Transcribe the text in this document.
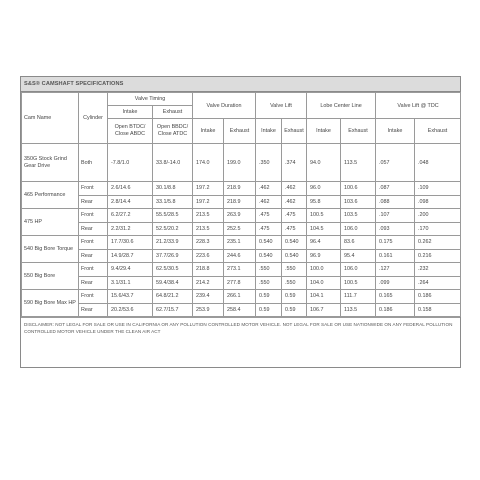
S&S® CAMSHAFT SPECIFICATIONS
Cam Name	Cylinder	Valve Timing		Valve Duration		Valve Lift		Lobe Center Line		Valve Lift @ TDC	
		Intake	Exhaust								
		Open BTDC/ Close ABDC	Open BBDC/ Close ATDC	Intake	Exhaust	Intake	Exhaust	Intake	Exhaust	Intake	Exhaust
350G Stock Grind Gear Drive	Both	-7.8/1.0	33.8/-14.0	174.0	199.0	.350	.374	94.0	113.5	.057	.048
465 Performance	Front	2.6/14.6	30.1/8.8	197.2	218.9	.462	.462	96.0	100.6	.087	.109
	Rear	2.8/14.4	33.1/5.8	197.2	218.9	.462	.462	95.8	103.6	.088	.098
475 HP	Front	6.2/27.2	55.5/28.5	213.5	263.9	.475	.475	100.5	103.5	.107	.200
	Rear	2.2/31.2	52.5/20.2	213.5	252.5	.475	.475	104.5	106.0	.093	.170
540 Big Bore Torque	Front	17.7/30.6	21.2/33.9	228.3	235.1	0.540	0.540	96.4	83.6	0.175	0.262
	Rear	14.9/28.7	37.7/26.9	223.6	244.6	0.540	0.540	96.9	95.4	0.161	0.216
550 Big Bore	Front	9.4/29.4	62.5/30.5	218.8	273.1	.550	.550	100.0	106.0	.127	.232
	Rear	3.1/31.1	59.4/38.4	214.2	277.8	.550	.550	104.0	100.5	.099	.264
590 Big Bore Max HP	Front	15.6/43.7	64.8/21.2	239.4	266.1	0.59	0.59	104.1	111.7	0.165	0.186
	Rear	20.2/53.6	62.7/15.7	253.9	258.4	0.59	0.59	106.7	113.5	0.186	0.158
DISCLAIMER: NOT LEGAL FOR SALE OR USE IN CALIFORNIA OR ANY POLLUTION CONTROLLED MOTOR VEHICLE. NOT LEGAL FOR SALE OR USE NATIONWIDE ON ANY FEDERAL POLLUTION CONTROLLED MOTOR VEHICLE UNDER THE CLEAN AIR ACT
